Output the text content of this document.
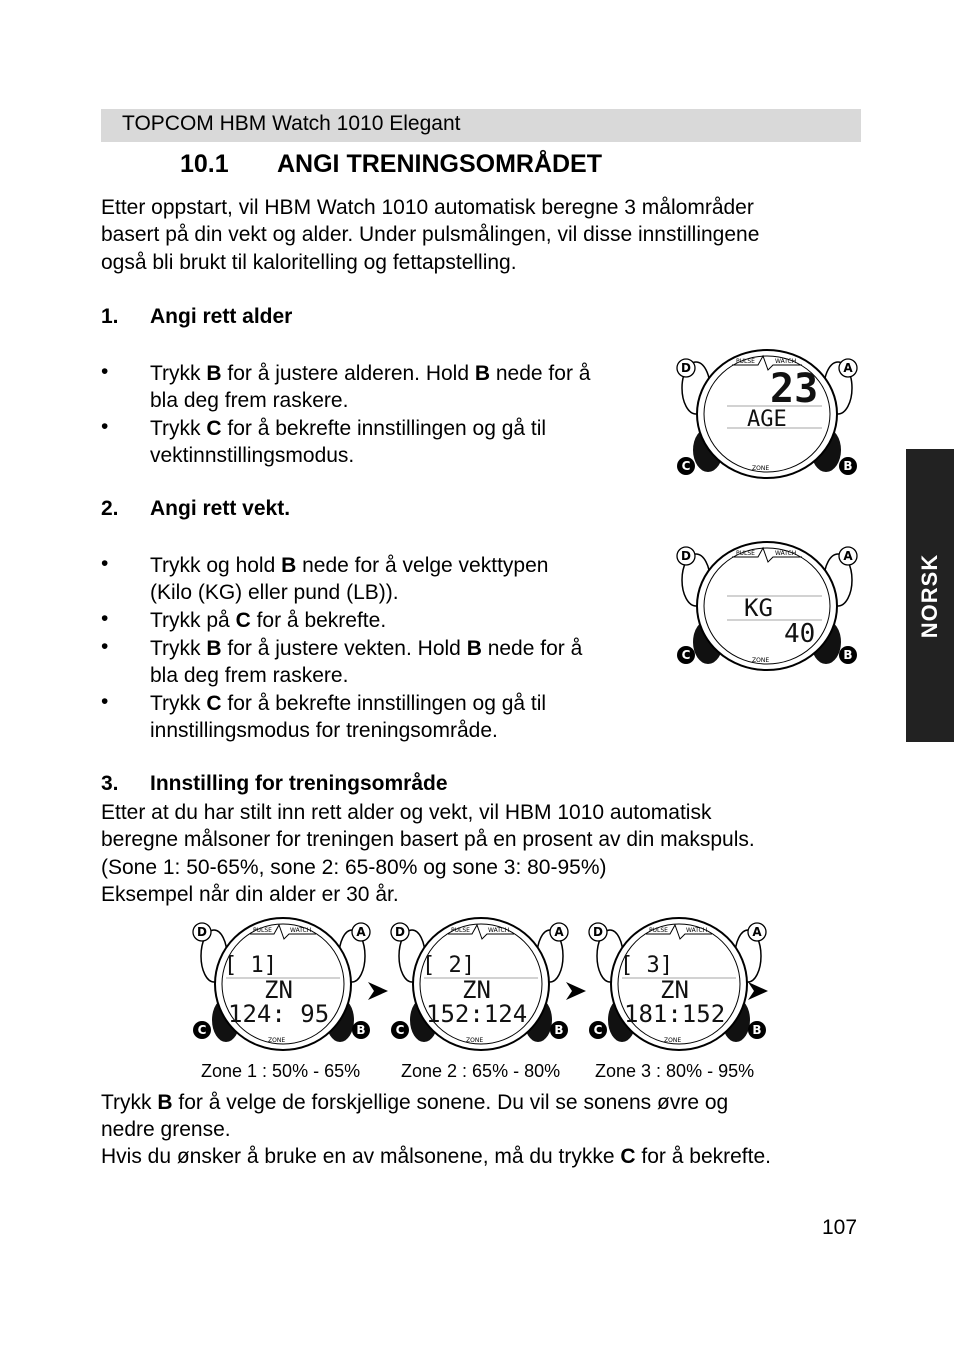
TOPCOM HBM Watch 1010 Elegant
10.1 ANGI TRENINGSOMRÅDET
Etter oppstart, vil HBM Watch 1010 automatisk beregne 3 målområder
basert på din vekt og alder. Under pulsmålingen, vil disse innstillingene
også bli brukt til kaloritelling og fettapstelling.
1. Angi rett alder
• Trykk B for å justere alderen. Hold B nede for å
bla deg frem raskere.
• Trykk C for å bekrefte innstillingen og gå til
vektinnstillingsmodus.
2. Angi rett vekt.
• Trykk og hold B nede for å velge vekttypen
(Kilo (KG) eller pund (LB)).
• Trykk på C for å bekrefte.
• Trykk B for å justere vekten. Hold B nede for å
bla deg frem raskere.
• Trykk C for å bekrefte innstillingen og gå til
innstillingsmodus for treningsområde.
3. Innstilling for treningsområde
Etter at du har stilt inn rett alder og vekt, vil HBM 1010 automatisk
beregne målsoner for treningen basert på en prosent av din makspuls.
(Sone 1: 50-65%, sone 2: 65-80% og sone 3: 80-95%)
Eksempel når din alder er 30 år.
NORSK
PULSE	WATCH
23
AGE
ZONE
D	A
C	B
PULSE	WATCH
KG
40
ZONE
D	A
C	B
PULSE	WATCH
[ 1]
ZN
124: 95
ZONE
D	A
C	B
PULSE	WATCH
[ 2]
ZN
152:124
ZONE
D	A
C	B
PULSE	WATCH
[ 3]
ZN
181:152
ZONE
D	A
C	B
Zone 1 : 50% - 65% Zone 2 : 65% - 80% Zone 3 : 80% - 95%
Trykk B for å velge de forskjellige sonene. Du vil se sonens øvre og
nedre grense.
Hvis du ønsker å bruke en av målsonene, må du trykke C for å bekrefte.
107
